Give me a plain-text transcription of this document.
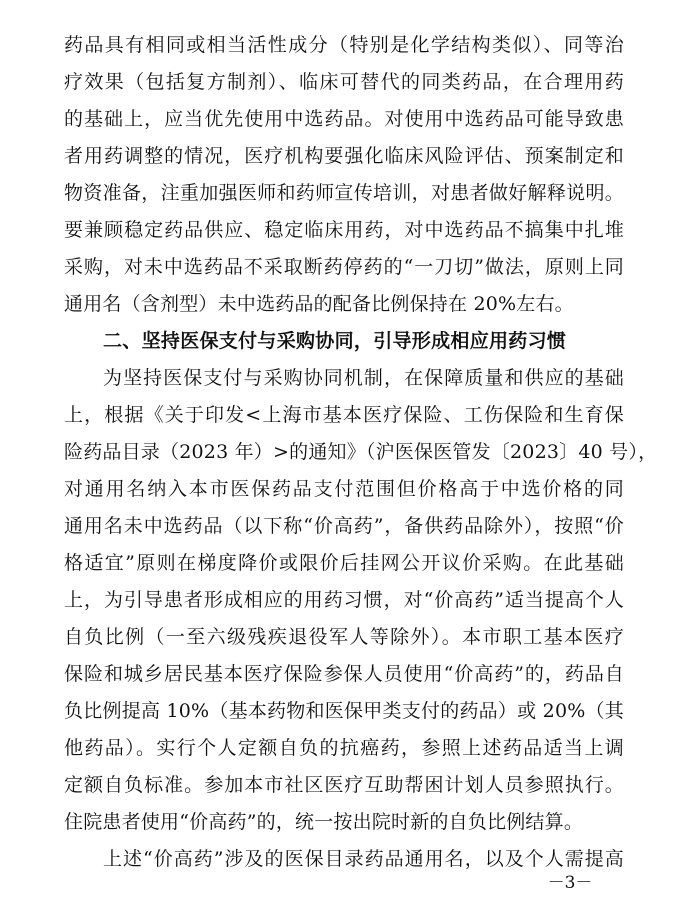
药品具有相同或相当活性成分（特别是化学结构类似）、同等治
疗效果（包括复方制剂）、临床可替代的同类药品，在合理用药
的基础上，应当优先使用中选药品。对使用中选药品可能导致患
者用药调整的情况，医疗机构要强化临床风险评估、预案制定和
物资准备，注重加强医师和药师宣传培训，对患者做好解释说明。
要兼顾稳定药品供应、稳定临床用药，对中选药品不搞集中扎堆
采购，对未中选药品不采取断药停药的“一刀切”做法，原则上同
通用名（含剂型）未中选药品的配备比例保持在 20%左右。
二、坚持医保支付与采购协同，引导形成相应用药习惯
为坚持医保支付与采购协同机制，在保障质量和供应的基础
上，根据《关于印发<上海市基本医疗保险、工伤保险和生育保
险药品目录（2023 年）>的通知》（沪医保医管发〔2023〕40 号），
对通用名纳入本市医保药品支付范围但价格高于中选价格的同
通用名未中选药品（以下称“价高药”，备供药品除外），按照“价
格适宜”原则在梯度降价或限价后挂网公开议价采购。在此基础
上，为引导患者形成相应的用药习惯，对“价高药”适当提高个人
自负比例（一至六级残疾退役军人等除外）。本市职工基本医疗
保险和城乡居民基本医疗保险参保人员使用“价高药”的，药品自
负比例提高 10%（基本药物和医保甲类支付的药品）或 20%（其
他药品）。实行个人定额自负的抗癌药，参照上述药品适当上调
定额自负标准。参加本市社区医疗互助帮困计划人员参照执行。
住院患者使用“价高药”的，统一按出院时新的自负比例结算。
上述“价高药”涉及的医保目录药品通用名，以及个人需提高
－3－
